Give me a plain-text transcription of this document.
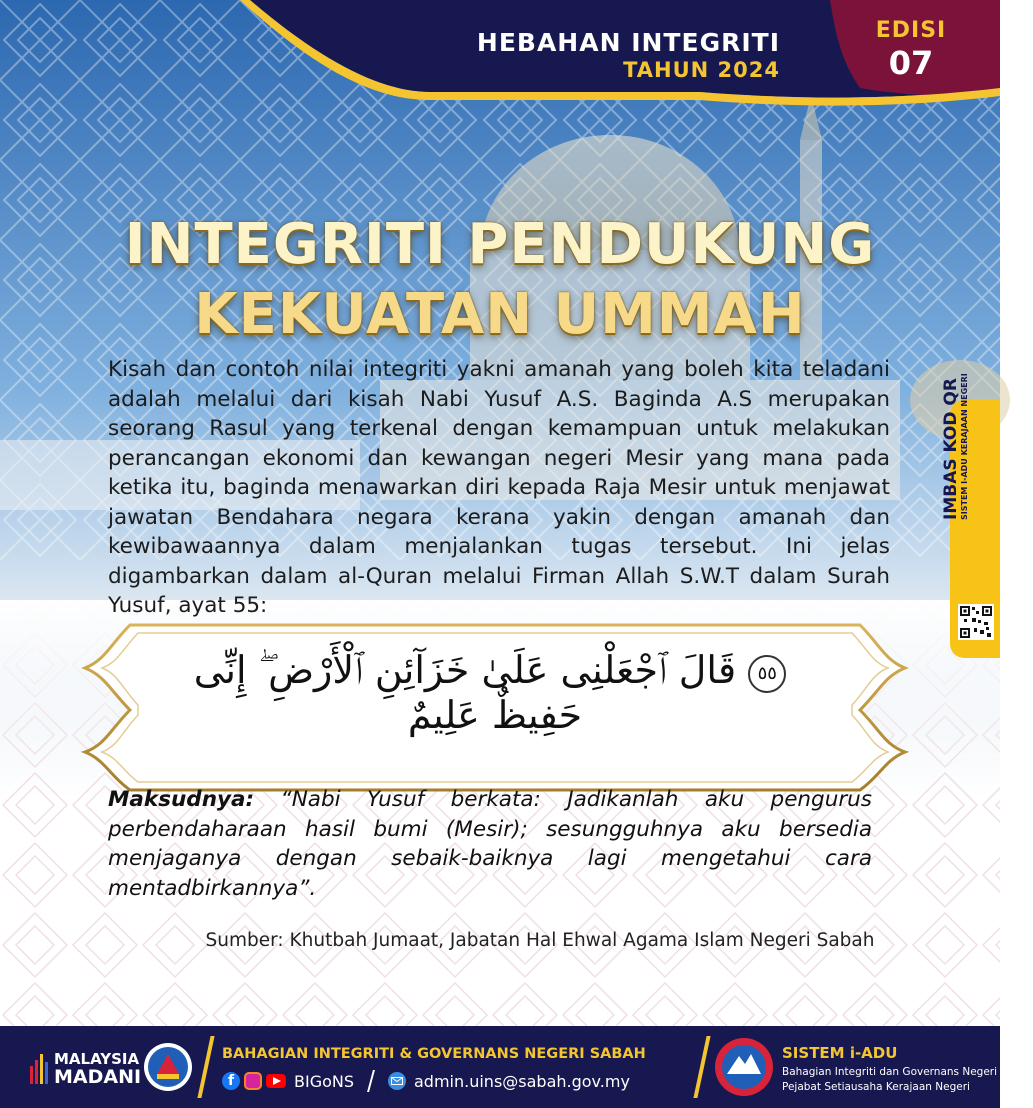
HEBAHAN INTEGRITI
TAHUN 2024
EDISI
07
INTEGRITI PENDUKUNG
KEKUATAN UMMAH
Kisah dan contoh nilai integriti yakni amanah yang boleh kita teladani adalah melalui dari kisah Nabi Yusuf A.S. Baginda A.S merupakan seorang Rasul yang terkenal dengan kemampuan untuk melakukan perancangan ekonomi dan kewangan negeri Mesir yang mana pada ketika itu, baginda menawarkan diri kepada Raja Mesir untuk menjawat jawatan Bendahara negara kerana yakin dengan amanah dan kewibawaannya dalam menjalankan tugas tersebut. Ini jelas digambarkan dalam al-Quran melalui Firman Allah S.W.T dalam Surah Yusuf, ayat 55:
٥٥ قَالَ ٱجْعَلْنِى عَلَىٰ خَزَآئِنِ ٱلْأَرْضِ ۖ إِنِّى حَفِيظٌ عَلِيمٌ
Maksudnya: “Nabi Yusuf berkata: Jadikanlah aku pengurus perbendaharaan hasil bumi (Mesir); sesungguhnya aku bersedia menjaganya dengan sebaik-baiknya lagi mengetahui cara mentadbirkannya”.
Sumber: Khutbah Jumaat, Jabatan Hal Ehwal Agama Islam Negeri Sabah
IMBAS KOD QR SISTEM I-ADU KERAJAAN NEGERI
MALAYSIA
MADANI
BAHAGIAN INTEGRITI & GOVERNANS NEGERI SABAH
f	BIGoNS	admin.uins@sabah.gov.my
SABAH
SISTEM i-ADU
Bahagian Integriti dan Governans Negeri Sabah
Pejabat Setiausaha Kerajaan Negeri
